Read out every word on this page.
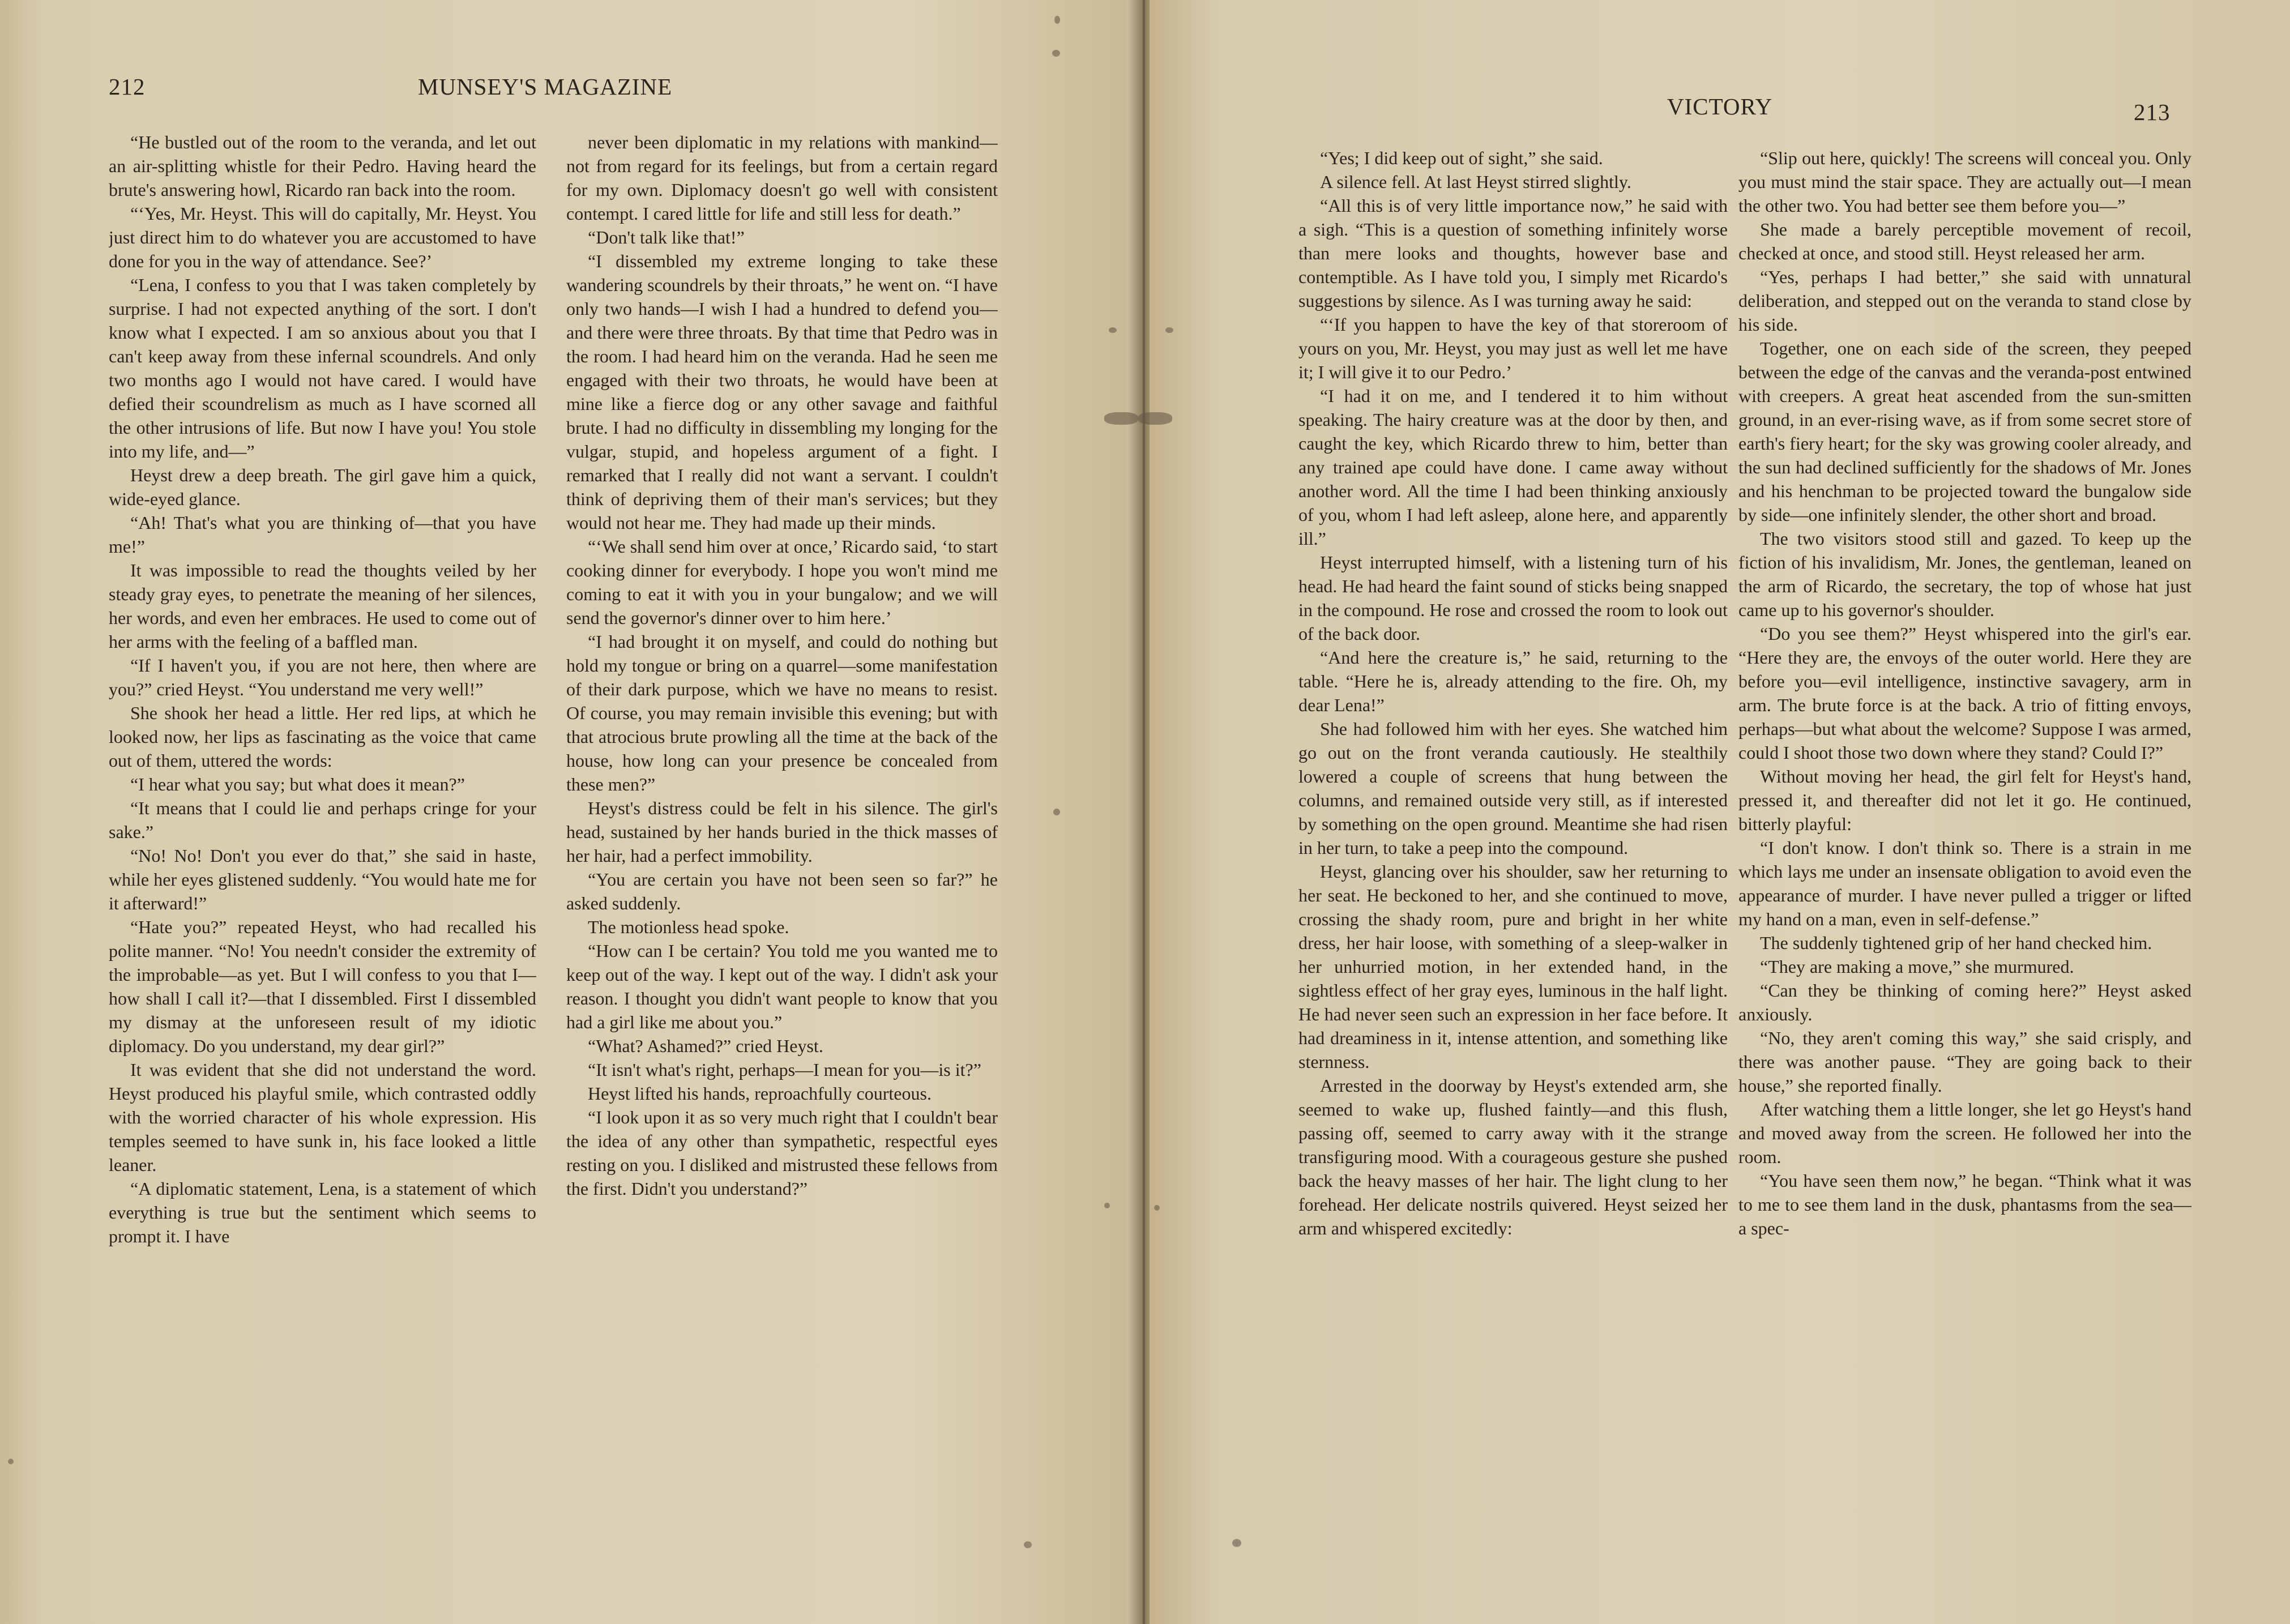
212	MUNSEY'S MAGAZINE

“He bustled out of the room to the veranda, and let out an air-splitting whistle for their Pedro. Having heard the brute's answering howl, Ricardo ran back into the room.

“‘Yes, Mr. Heyst. This will do capitally, Mr. Heyst. You just direct him to do whatever you are accustomed to have done for you in the way of attendance. See?’

“Lena, I confess to you that I was taken completely by surprise. I had not expected anything of the sort. I don't know what I expected. I am so anxious about you that I can't keep away from these infernal scoundrels. And only two months ago I would not have cared. I would have defied their scoundrelism as much as I have scorned all the other intrusions of life. But now I have you! You stole into my life, and—”

Heyst drew a deep breath. The girl gave him a quick, wide-eyed glance.

“Ah! That's what you are thinking of—that you have me!”

It was impossible to read the thoughts veiled by her steady gray eyes, to penetrate the meaning of her silences, her words, and even her embraces. He used to come out of her arms with the feeling of a baffled man.

“If I haven't you, if you are not here, then where are you?” cried Heyst. “You understand me very well!”

She shook her head a little. Her red lips, at which he looked now, her lips as fascinating as the voice that came out of them, uttered the words:

“I hear what you say; but what does it mean?”

“It means that I could lie and perhaps cringe for your sake.”

“No! No! Don't you ever do that,” she said in haste, while her eyes glistened suddenly. “You would hate me for it afterward!”

“Hate you?” repeated Heyst, who had recalled his polite manner. “No! You needn't consider the extremity of the improbable—as yet. But I will confess to you that I—how shall I call it?—that I dissembled. First I dissembled my dismay at the unforeseen result of my idiotic diplomacy. Do you understand, my dear girl?”

It was evident that she did not understand the word. Heyst produced his playful smile, which contrasted oddly with the worried character of his whole expression. His temples seemed to have sunk in, his face looked a little leaner.

“A diplomatic statement, Lena, is a statement of which everything is true but the sentiment which seems to prompt it. I have

never been diplomatic in my relations with mankind—not from regard for its feelings, but from a certain regard for my own. Diplomacy doesn't go well with consistent contempt. I cared little for life and still less for death.”

“Don't talk like that!”

“I dissembled my extreme longing to take these wandering scoundrels by their throats,” he went on. “I have only two hands—I wish I had a hundred to defend you—and there were three throats. By that time that Pedro was in the room. I had heard him on the veranda. Had he seen me engaged with their two throats, he would have been at mine like a fierce dog or any other savage and faithful brute. I had no difficulty in dissembling my longing for the vulgar, stupid, and hopeless argument of a fight. I remarked that I really did not want a servant. I couldn't think of depriving them of their man's services; but they would not hear me. They had made up their minds.

“‘We shall send him over at once,’ Ricardo said, ‘to start cooking dinner for everybody. I hope you won't mind me coming to eat it with you in your bungalow; and we will send the governor's dinner over to him here.’

“I had brought it on myself, and could do nothing but hold my tongue or bring on a quarrel—some manifestation of their dark purpose, which we have no means to resist. Of course, you may remain invisible this evening; but with that atrocious brute prowling all the time at the back of the house, how long can your presence be concealed from these men?”

Heyst's distress could be felt in his silence. The girl's head, sustained by her hands buried in the thick masses of her hair, had a perfect immobility.

“You are certain you have not been seen so far?” he asked suddenly.

The motionless head spoke.

“How can I be certain? You told me you wanted me to keep out of the way. I kept out of the way. I didn't ask your reason. I thought you didn't want people to know that you had a girl like me about you.”

“What? Ashamed?” cried Heyst.

“It isn't what's right, perhaps—I mean for you—is it?”

Heyst lifted his hands, reproachfully courteous.

“I look upon it as so very much right that I couldn't bear the idea of any other than sympathetic, respectful eyes resting on you. I disliked and mistrusted these fellows from the first. Didn't you understand?”

VICTORY	213

“Yes; I did keep out of sight,” she said.

A silence fell. At last Heyst stirred slightly.

“All this is of very little importance now,” he said with a sigh. “This is a question of something infinitely worse than mere looks and thoughts, however base and contemptible. As I have told you, I simply met Ricardo's suggestions by silence. As I was turning away he said:

“‘If you happen to have the key of that storeroom of yours on you, Mr. Heyst, you may just as well let me have it; I will give it to our Pedro.’

“I had it on me, and I tendered it to him without speaking. The hairy creature was at the door by then, and caught the key, which Ricardo threw to him, better than any trained ape could have done. I came away without another word. All the time I had been thinking anxiously of you, whom I had left asleep, alone here, and apparently ill.”

Heyst interrupted himself, with a listening turn of his head. He had heard the faint sound of sticks being snapped in the compound. He rose and crossed the room to look out of the back door.

“And here the creature is,” he said, returning to the table. “Here he is, already attending to the fire. Oh, my dear Lena!”

She had followed him with her eyes. She watched him go out on the front veranda cautiously. He stealthily lowered a couple of screens that hung between the columns, and remained outside very still, as if interested by something on the open ground. Meantime she had risen in her turn, to take a peep into the compound.

Heyst, glancing over his shoulder, saw her returning to her seat. He beckoned to her, and she continued to move, crossing the shady room, pure and bright in her white dress, her hair loose, with something of a sleep-walker in her unhurried motion, in her extended hand, in the sightless effect of her gray eyes, luminous in the half light. He had never seen such an expression in her face before. It had dreaminess in it, intense attention, and something like sternness.

Arrested in the doorway by Heyst's extended arm, she seemed to wake up, flushed faintly—and this flush, passing off, seemed to carry away with it the strange transfiguring mood. With a courageous gesture she pushed back the heavy masses of her hair. The light clung to her forehead. Her delicate nostrils quivered. Heyst seized her arm and whispered excitedly:

“Slip out here, quickly! The screens will conceal you. Only you must mind the stair space. They are actually out—I mean the other two. You had better see them before you—”

She made a barely perceptible movement of recoil, checked at once, and stood still. Heyst released her arm.

“Yes, perhaps I had better,” she said with unnatural deliberation, and stepped out on the veranda to stand close by his side.

Together, one on each side of the screen, they peeped between the edge of the canvas and the veranda-post entwined with creepers. A great heat ascended from the sun-smitten ground, in an ever-rising wave, as if from some secret store of earth's fiery heart; for the sky was growing cooler already, and the sun had declined sufficiently for the shadows of Mr. Jones and his henchman to be projected toward the bungalow side by side—one infinitely slender, the other short and broad.

The two visitors stood still and gazed. To keep up the fiction of his invalidism, Mr. Jones, the gentleman, leaned on the arm of Ricardo, the secretary, the top of whose hat just came up to his governor's shoulder.

“Do you see them?” Heyst whispered into the girl's ear. “Here they are, the envoys of the outer world. Here they are before you—evil intelligence, instinctive savagery, arm in arm. The brute force is at the back. A trio of fitting envoys, perhaps—but what about the welcome? Suppose I was armed, could I shoot those two down where they stand? Could I?”

Without moving her head, the girl felt for Heyst's hand, pressed it, and thereafter did not let it go. He continued, bitterly playful:

“I don't know. I don't think so. There is a strain in me which lays me under an insensate obligation to avoid even the appearance of murder. I have never pulled a trigger or lifted my hand on a man, even in self-defense.”

The suddenly tightened grip of her hand checked him.

“They are making a move,” she murmured.

“Can they be thinking of coming here?” Heyst asked anxiously.

“No, they aren't coming this way,” she said crisply, and there was another pause. “They are going back to their house,” she reported finally.

After watching them a little longer, she let go Heyst's hand and moved away from the screen. He followed her into the room.

“You have seen them now,” he began. “Think what it was to me to see them land in the dusk, phantasms from the sea—a spec-
